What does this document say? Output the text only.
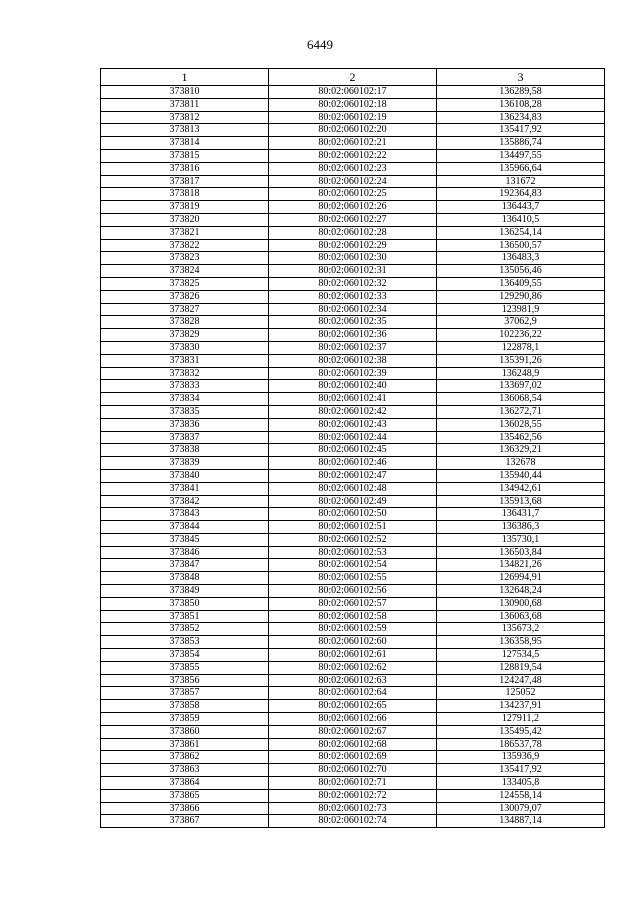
6449
1	2	3
373810	80:02:060102:17	136289,58
373811	80:02:060102:18	136108,28
373812	80:02:060102:19	136234,83
373813	80:02:060102:20	135417,92
373814	80:02:060102:21	135886,74
373815	80:02:060102:22	134497,55
373816	80:02:060102:23	135966,64
373817	80:02:060102:24	131672
373818	80:02:060102:25	192364,83
373819	80:02:060102:26	136443,7
373820	80:02:060102:27	136410,5
373821	80:02:060102:28	136254,14
373822	80:02:060102:29	136500,57
373823	80:02:060102:30	136483,3
373824	80:02:060102:31	135056,46
373825	80:02:060102:32	136409,55
373826	80:02:060102:33	129290,86
373827	80:02:060102:34	123981,9
373828	80:02:060102:35	37062,9
373829	80:02:060102:36	102236,22
373830	80:02:060102:37	122878,1
373831	80:02:060102:38	135391,26
373832	80:02:060102:39	136248,9
373833	80:02:060102:40	133697,02
373834	80:02:060102:41	136068,54
373835	80:02:060102:42	136272,71
373836	80:02:060102:43	136028,55
373837	80:02:060102:44	135462,56
373838	80:02:060102:45	136329,21
373839	80:02:060102:46	132678
373840	80:02:060102:47	135940,44
373841	80:02:060102:48	134942,61
373842	80:02:060102:49	135913,68
373843	80:02:060102:50	136431,7
373844	80:02:060102:51	136386,3
373845	80:02:060102:52	135730,1
373846	80:02:060102:53	136503,84
373847	80:02:060102:54	134821,26
373848	80:02:060102:55	126994,91
373849	80:02:060102:56	132648,24
373850	80:02:060102:57	130900,68
373851	80:02:060102:58	136063,68
373852	80:02:060102:59	135673,2
373853	80:02:060102:60	136358,95
373854	80:02:060102:61	127534,5
373855	80:02:060102:62	128819,54
373856	80:02:060102:63	124247,48
373857	80:02:060102:64	125052
373858	80:02:060102:65	134237,91
373859	80:02:060102:66	127911,2
373860	80:02:060102:67	135495,42
373861	80:02:060102:68	186537,78
373862	80:02:060102:69	135936,9
373863	80:02:060102:70	135417,92
373864	80:02:060102:71	133405,8
373865	80:02:060102:72	124558,14
373866	80:02:060102:73	130079,07
373867	80:02:060102:74	134887,14
